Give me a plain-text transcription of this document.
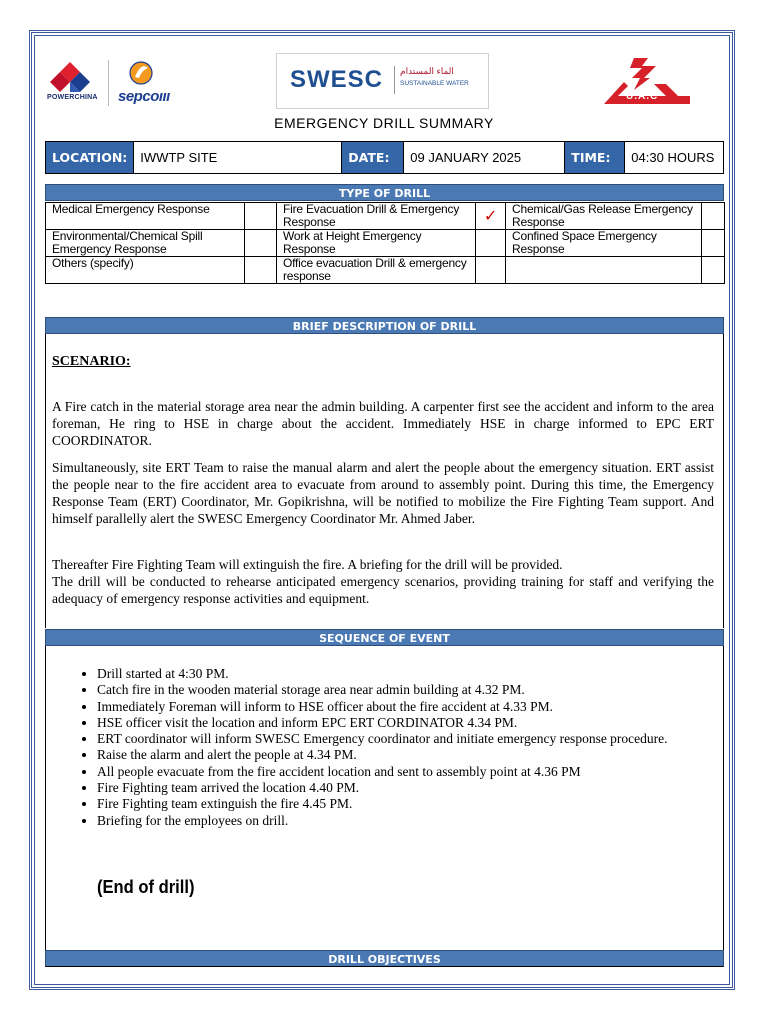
POWERCHINA sepcoııı
SWESC الماء المستدام
SUSTAINABLE WATER
U.A.C
EMERGENCY DRILL SUMMARY
LOCATION:	IWWTP SITE	DATE:	09 JANUARY 2025	TIME:	04:30 HOURS
TYPE OF DRILL
Medical Emergency Response		Fire Evacuation Drill & Emergency Response	✓	Chemical/Gas Release Emergency Response	
Environmental/Chemical Spill Emergency Response		Work at Height Emergency Response		Confined Space Emergency Response	
Others (specify)		Office evacuation Drill & emergency response			
BRIEF DESCRIPTION OF DRILL
SCENARIO:
A Fire catch in the material storage area near the admin building. A carpenter first see the accident and inform to the area foreman, He ring to HSE in charge about the accident. Immediately HSE in charge informed to EPC ERT COORDINATOR.
Simultaneously, site ERT Team to raise the manual alarm and alert the people about the emergency situation. ERT assist the people near to the fire accident area to evacuate from around to assembly point. During this time, the Emergency Response Team (ERT) Coordinator, Mr. Gopikrishna, will be notified to mobilize the Fire Fighting Team support. And himself parallelly alert the SWESC Emergency Coordinator Mr. Ahmed Jaber.
Thereafter Fire Fighting Team will extinguish the fire. A briefing for the drill will be provided.
The drill will be conducted to rehearse anticipated emergency scenarios, providing training for staff and verifying the adequacy of emergency response activities and equipment.
SEQUENCE OF EVENT
• Drill started at 4:30 PM.
• Catch fire in the wooden material storage area near admin building at 4.32 PM.
• Immediately Foreman will inform to HSE officer about the fire accident at 4.33 PM.
• HSE officer visit the location and inform EPC ERT CORDINATOR 4.34 PM.
• ERT coordinator will inform SWESC Emergency coordinator and initiate emergency response procedure.
• Raise the alarm and alert the people at 4.34 PM.
• All people evacuate from the fire accident location and sent to assembly point at 4.36 PM
• Fire Fighting team arrived the location 4.40 PM.
• Fire Fighting team extinguish the fire 4.45 PM.
• Briefing for the employees on drill.
(End of drill)
DRILL OBJECTIVES
